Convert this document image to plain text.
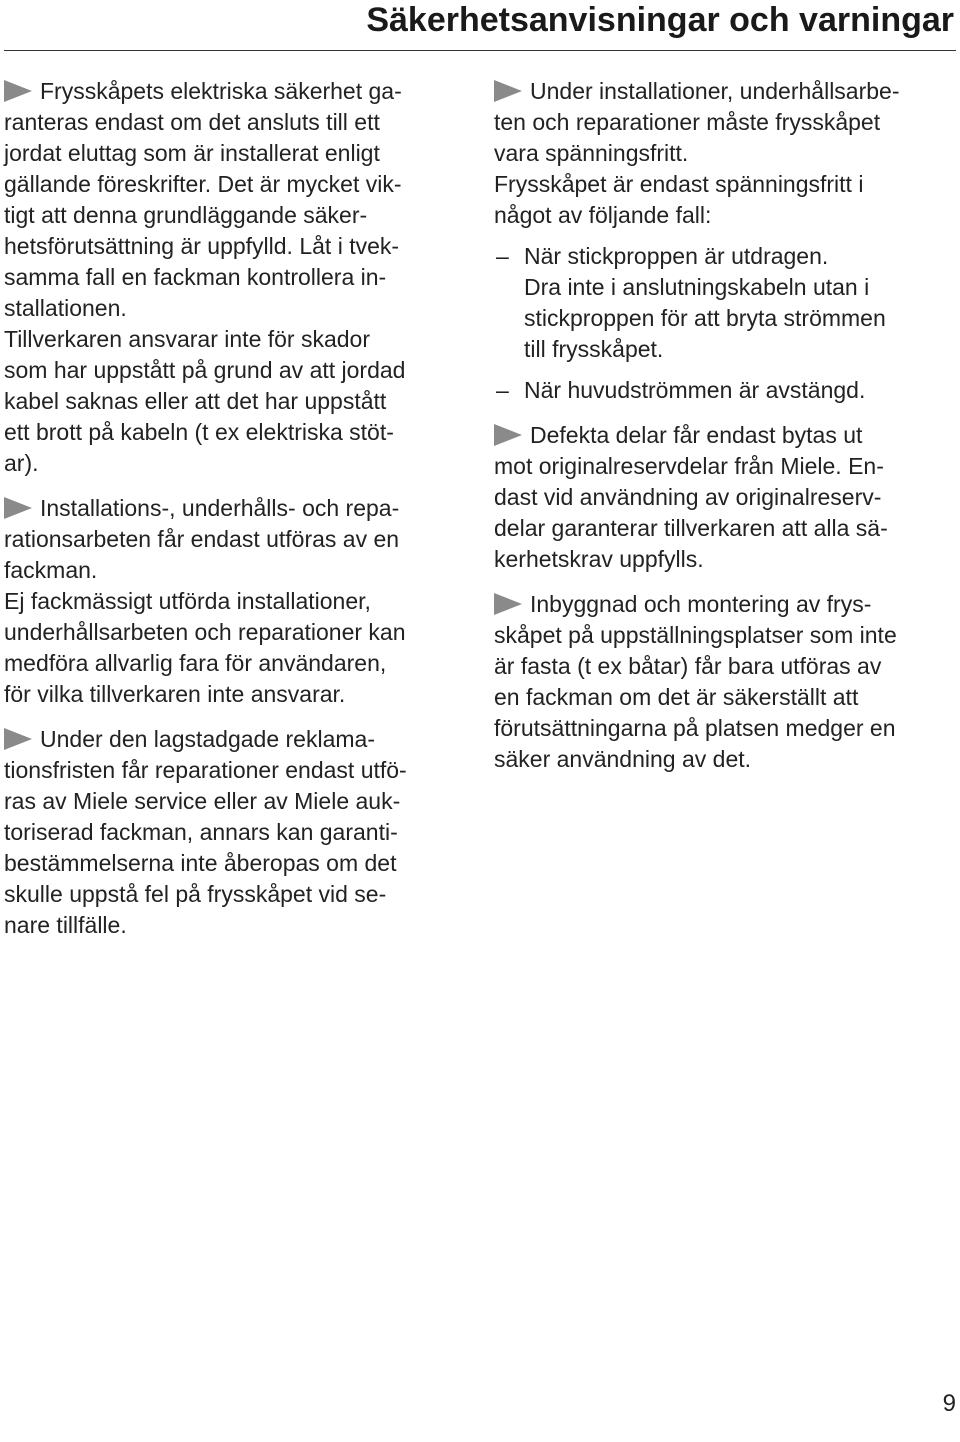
Säkerhetsanvisningar och varningar
Frysskåpets elektriska säkerhet ga-
ranteras endast om det ansluts till ett
jordat eluttag som är installerat enligt
gällande föreskrifter. Det är mycket vik-
tigt att denna grundläggande säker-
hetsförutsättning är uppfylld. Låt i tvek-
samma fall en fackman kontrollera in-
stallationen.
Tillverkaren ansvarar inte för skador
som har uppstått på grund av att jordad
kabel saknas eller att det har uppstått
ett brott på kabeln (t ex elektriska stöt-
ar).
Installations-, underhålls- och repa-
rationsarbeten får endast utföras av en
fackman.
Ej fackmässigt utförda installationer,
underhållsarbeten och reparationer kan
medföra allvarlig fara för användaren,
för vilka tillverkaren inte ansvarar.
Under den lagstadgade reklama-
tionsfristen får reparationer endast utfö-
ras av Miele service eller av Miele auk-
toriserad fackman, annars kan garanti-
bestämmelserna inte åberopas om det
skulle uppstå fel på frysskåpet vid se-
nare tillfälle.
Under installationer, underhållsarbe-
ten och reparationer måste frysskåpet
vara spänningsfritt.
Frysskåpet är endast spänningsfritt i
något av följande fall:
– När stickproppen är utdragen.
Dra inte i anslutningskabeln utan i
stickproppen för att bryta strömmen
till frysskåpet.
– När huvudströmmen är avstängd.
Defekta delar får endast bytas ut
mot originalreservdelar från Miele. En-
dast vid användning av originalreserv-
delar garanterar tillverkaren att alla sä-
kerhetskrav uppfylls.
Inbyggnad och montering av frys-
skåpet på uppställningsplatser som inte
är fasta (t ex båtar) får bara utföras av
en fackman om det är säkerställt att
förutsättningarna på platsen medger en
säker användning av det.
9
